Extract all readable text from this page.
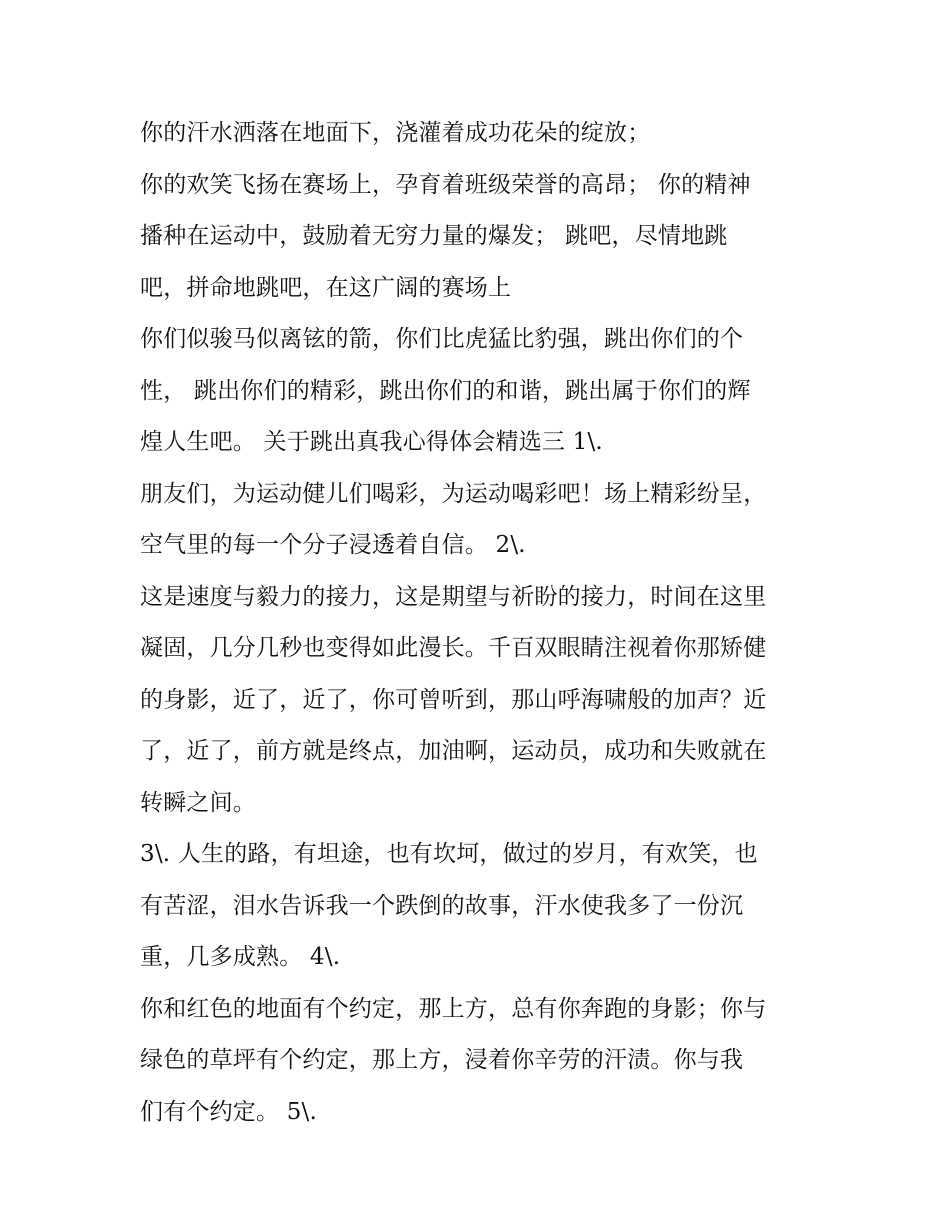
你的汗水洒落在地面下，浇灌着成功花朵的绽放；
你的欢笑飞扬在赛场上，孕育着班级荣誉的高昂； 你的精神
播种在运动中，鼓励着无穷力量的爆发； 跳吧，尽情地跳
吧，拼命地跳吧，在这广阔的赛场上
你们似骏马似离铉的箭，你们比虎猛比豹强，跳出你们的个
性， 跳出你们的精彩，跳出你们的和谐，跳出属于你们的辉
煌人生吧。 关于跳出真我心得体会精选三 1\.
朋友们，为运动健儿们喝彩，为运动喝彩吧！场上精彩纷呈，
空气里的每一个分子浸透着自信。 2\.
这是速度与毅力的接力，这是期望与祈盼的接力，时间在这里
凝固，几分几秒也变得如此漫长。千百双眼睛注视着你那矫健
的身影，近了，近了，你可曾听到，那山呼海啸般的加声？近
了，近了，前方就是终点，加油啊，运动员，成功和失败就在
转瞬之间。
3\. 人生的路，有坦途，也有坎坷，做过的岁月，有欢笑，也
有苦涩，泪水告诉我一个跌倒的故事，汗水使我多了一份沉
重，几多成熟。 4\.
你和红色的地面有个约定，那上方，总有你奔跑的身影；你与
绿色的草坪有个约定，那上方，浸着你辛劳的汗渍。你与我
们有个约定。 5\.
